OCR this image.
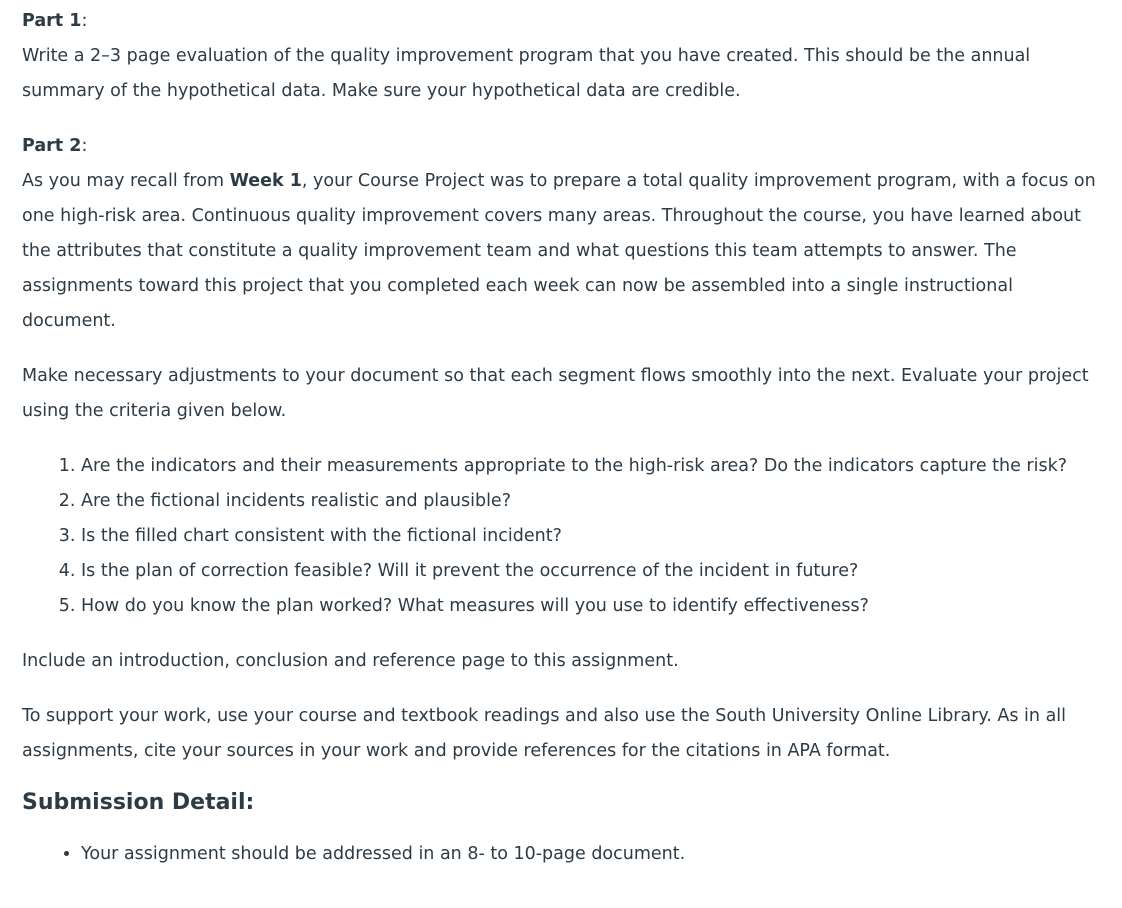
Part 1:

Write a 2–3 page evaluation of the quality improvement program that you have created. This should be the annual summary of the hypothetical data. Make sure your hypothetical data are credible.

Part 2:

As you may recall from Week 1, your Course Project was to prepare a total quality improvement program, with a focus on one high-risk area. Continuous quality improvement covers many areas. Throughout the course, you have learned about the attributes that constitute a quality improvement team and what questions this team attempts to answer. The assignments toward this project that you completed each week can now be assembled into a single instructional document.

Make necessary adjustments to your document so that each segment flows smoothly into the next. Evaluate your project using the criteria given below.

1. Are the indicators and their measurements appropriate to the high-risk area? Do the indicators capture the risk?
2. Are the fictional incidents realistic and plausible?
3. Is the filled chart consistent with the fictional incident?
4. Is the plan of correction feasible? Will it prevent the occurrence of the incident in future?
5. How do you know the plan worked? What measures will you use to identify effectiveness?

Include an introduction, conclusion and reference page to this assignment.

To support your work, use your course and textbook readings and also use the South University Online Library. As in all assignments, cite your sources in your work and provide references for the citations in APA format.

Submission Detail:
• Your assignment should be addressed in an 8- to 10-page document.
